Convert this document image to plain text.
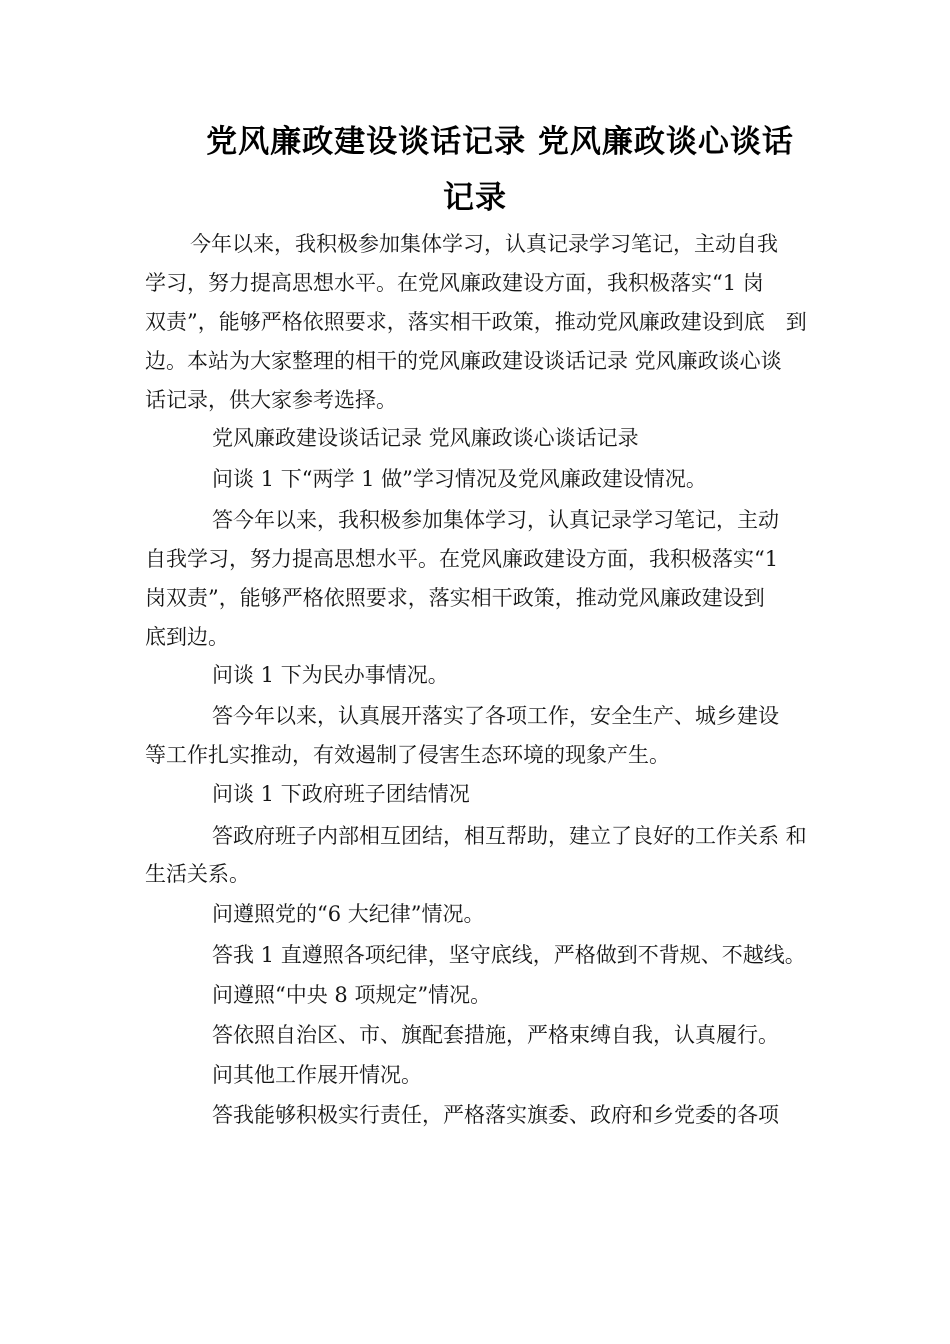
党风廉政建设谈话记录 党风廉政谈心谈话
记录

今年以来，我积极参加集体学习，认真记录学习笔记，主动自我

学习，努力提高思想水平。在党风廉政建设方面，我积极落实“1 岗

双责”，能够严格依照要求，落实相干政策，推动党风廉政建设到底　到

边。本站为大家整理的相干的党风廉政建设谈话记录 党风廉政谈心谈

话记录，供大家参考选择。

党风廉政建设谈话记录 党风廉政谈心谈话记录

问谈 1 下“两学 1 做”学习情况及党风廉政建设情况。

答今年以来，我积极参加集体学习，认真记录学习笔记，主动

自我学习，努力提高思想水平。在党风廉政建设方面，我积极落实“1

岗双责”，能够严格依照要求，落实相干政策，推动党风廉政建设到

底到边。

问谈 1 下为民办事情况。

答今年以来，认真展开落实了各项工作，安全生产、城乡建设

等工作扎实推动，有效遏制了侵害生态环境的现象产生。

问谈 1 下政府班子团结情况

答政府班子内部相互团结，相互帮助，建立了良好的工作关系 和

生活关系。

问遵照党的“6 大纪律”情况。

答我 1 直遵照各项纪律，坚守底线，严格做到不背规、不越线。

问遵照“中央 8 项规定”情况。

答依照自治区、市、旗配套措施，严格束缚自我，认真履行。

问其他工作展开情况。

答我能够积极实行责任，严格落实旗委、政府和乡党委的各项
